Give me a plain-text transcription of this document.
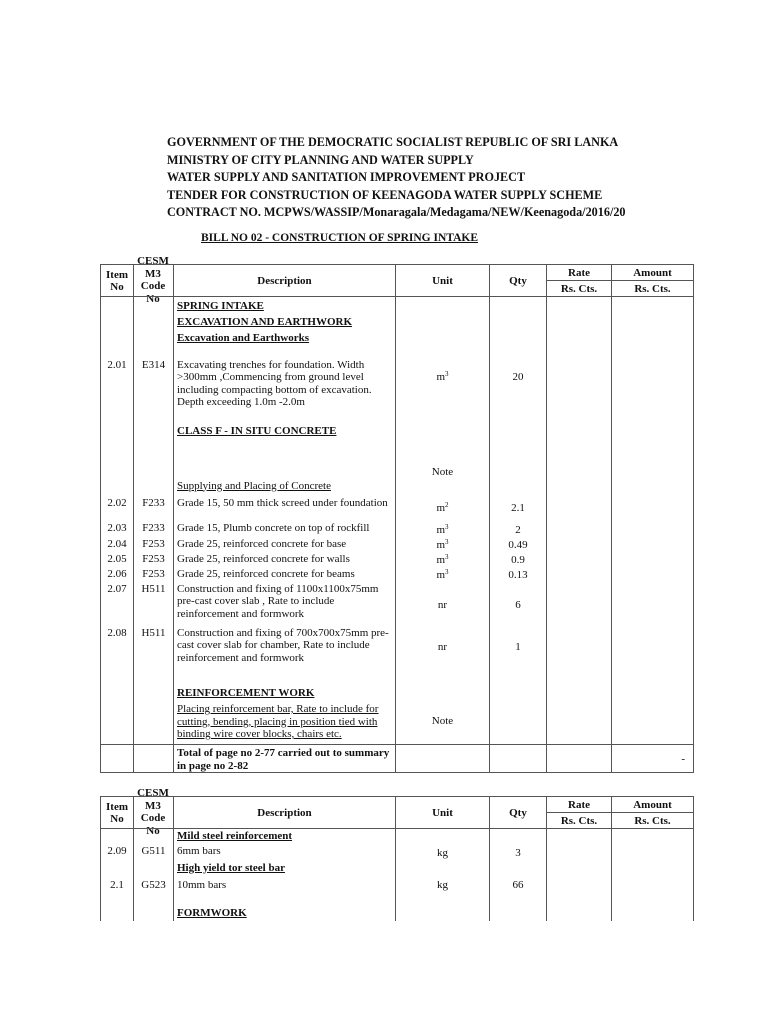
GOVERNMENT OF THE DEMOCRATIC SOCIALIST REPUBLIC OF SRI LANKA
MINISTRY OF CITY PLANNING AND WATER SUPPLY
WATER SUPPLY AND SANITATION IMPROVEMENT PROJECT
TENDER FOR CONSTRUCTION OF KEENAGODA WATER SUPPLY SCHEME
CONTRACT NO. MCPWS/WASSIP/Monaragala/Medagama/NEW/Keenagoda/2016/20
BILL NO 02 - CONSTRUCTION OF SPRING INTAKE
CESM
M3
Code
No
Item
No		Description	Unit	Qty	Rate	Amount
					Rs. Cts.	Rs. Cts.

		SPRING INTAKE
EXCAVATION AND EARTHWORK
Excavation and Earthworks				

2.01	E314	Excavating trenches for foundation. Width >300mm ,Commencing from ground level including compacting bottom of excavation. Depth exceeding 1.0m -2.0m	$m^3$	20		

		CLASS F - IN SITU CONCRETE	Note			

		Supplying and Placing of Concrete				

2.02	F233	Grade 15, 50 mm thick screed under foundation	$m^2$	2.1		
2.03	F233	Grade 15, Plumb concrete on top of rockfill	$m^3$	2		
2.04	F253	Grade 25, reinforced concrete for base	$m^3$	0.49		
2.05	F253	Grade 25, reinforced concrete for walls	$m^3$	0.9		
2.06	F253	Grade 25, reinforced concrete for beams	$m^3$	0.13		
2.07	H511	Construction and fixing of 1100x1100x75mm pre-cast cover slab , Rate to include reinforcement and formwork	nr	6		
2.08	H511	Construction and fixing of 700x700x75mm pre-cast cover slab for chamber, Rate to include reinforcement and formwork	nr	1		

		REINFORCEMENT WORK
Placing reinforcement bar, Rate to include for cutting, bending, placing in position tied with binding wire cover blocks, chairs etc.	Note			
		Total of page no 2-77 carried out to summary in page no 2-82				-
CESM
M3
Code
No
Item
No		Description	Unit	Qty	Rate	Amount
					Rs. Cts.	Rs. Cts.

		Mild steel reinforcement				

2.09	G511	6mm bars	kg	3		

		High yield tor steel bar				

2.1	G523	10mm bars	kg	66		

		FORMWORK				
